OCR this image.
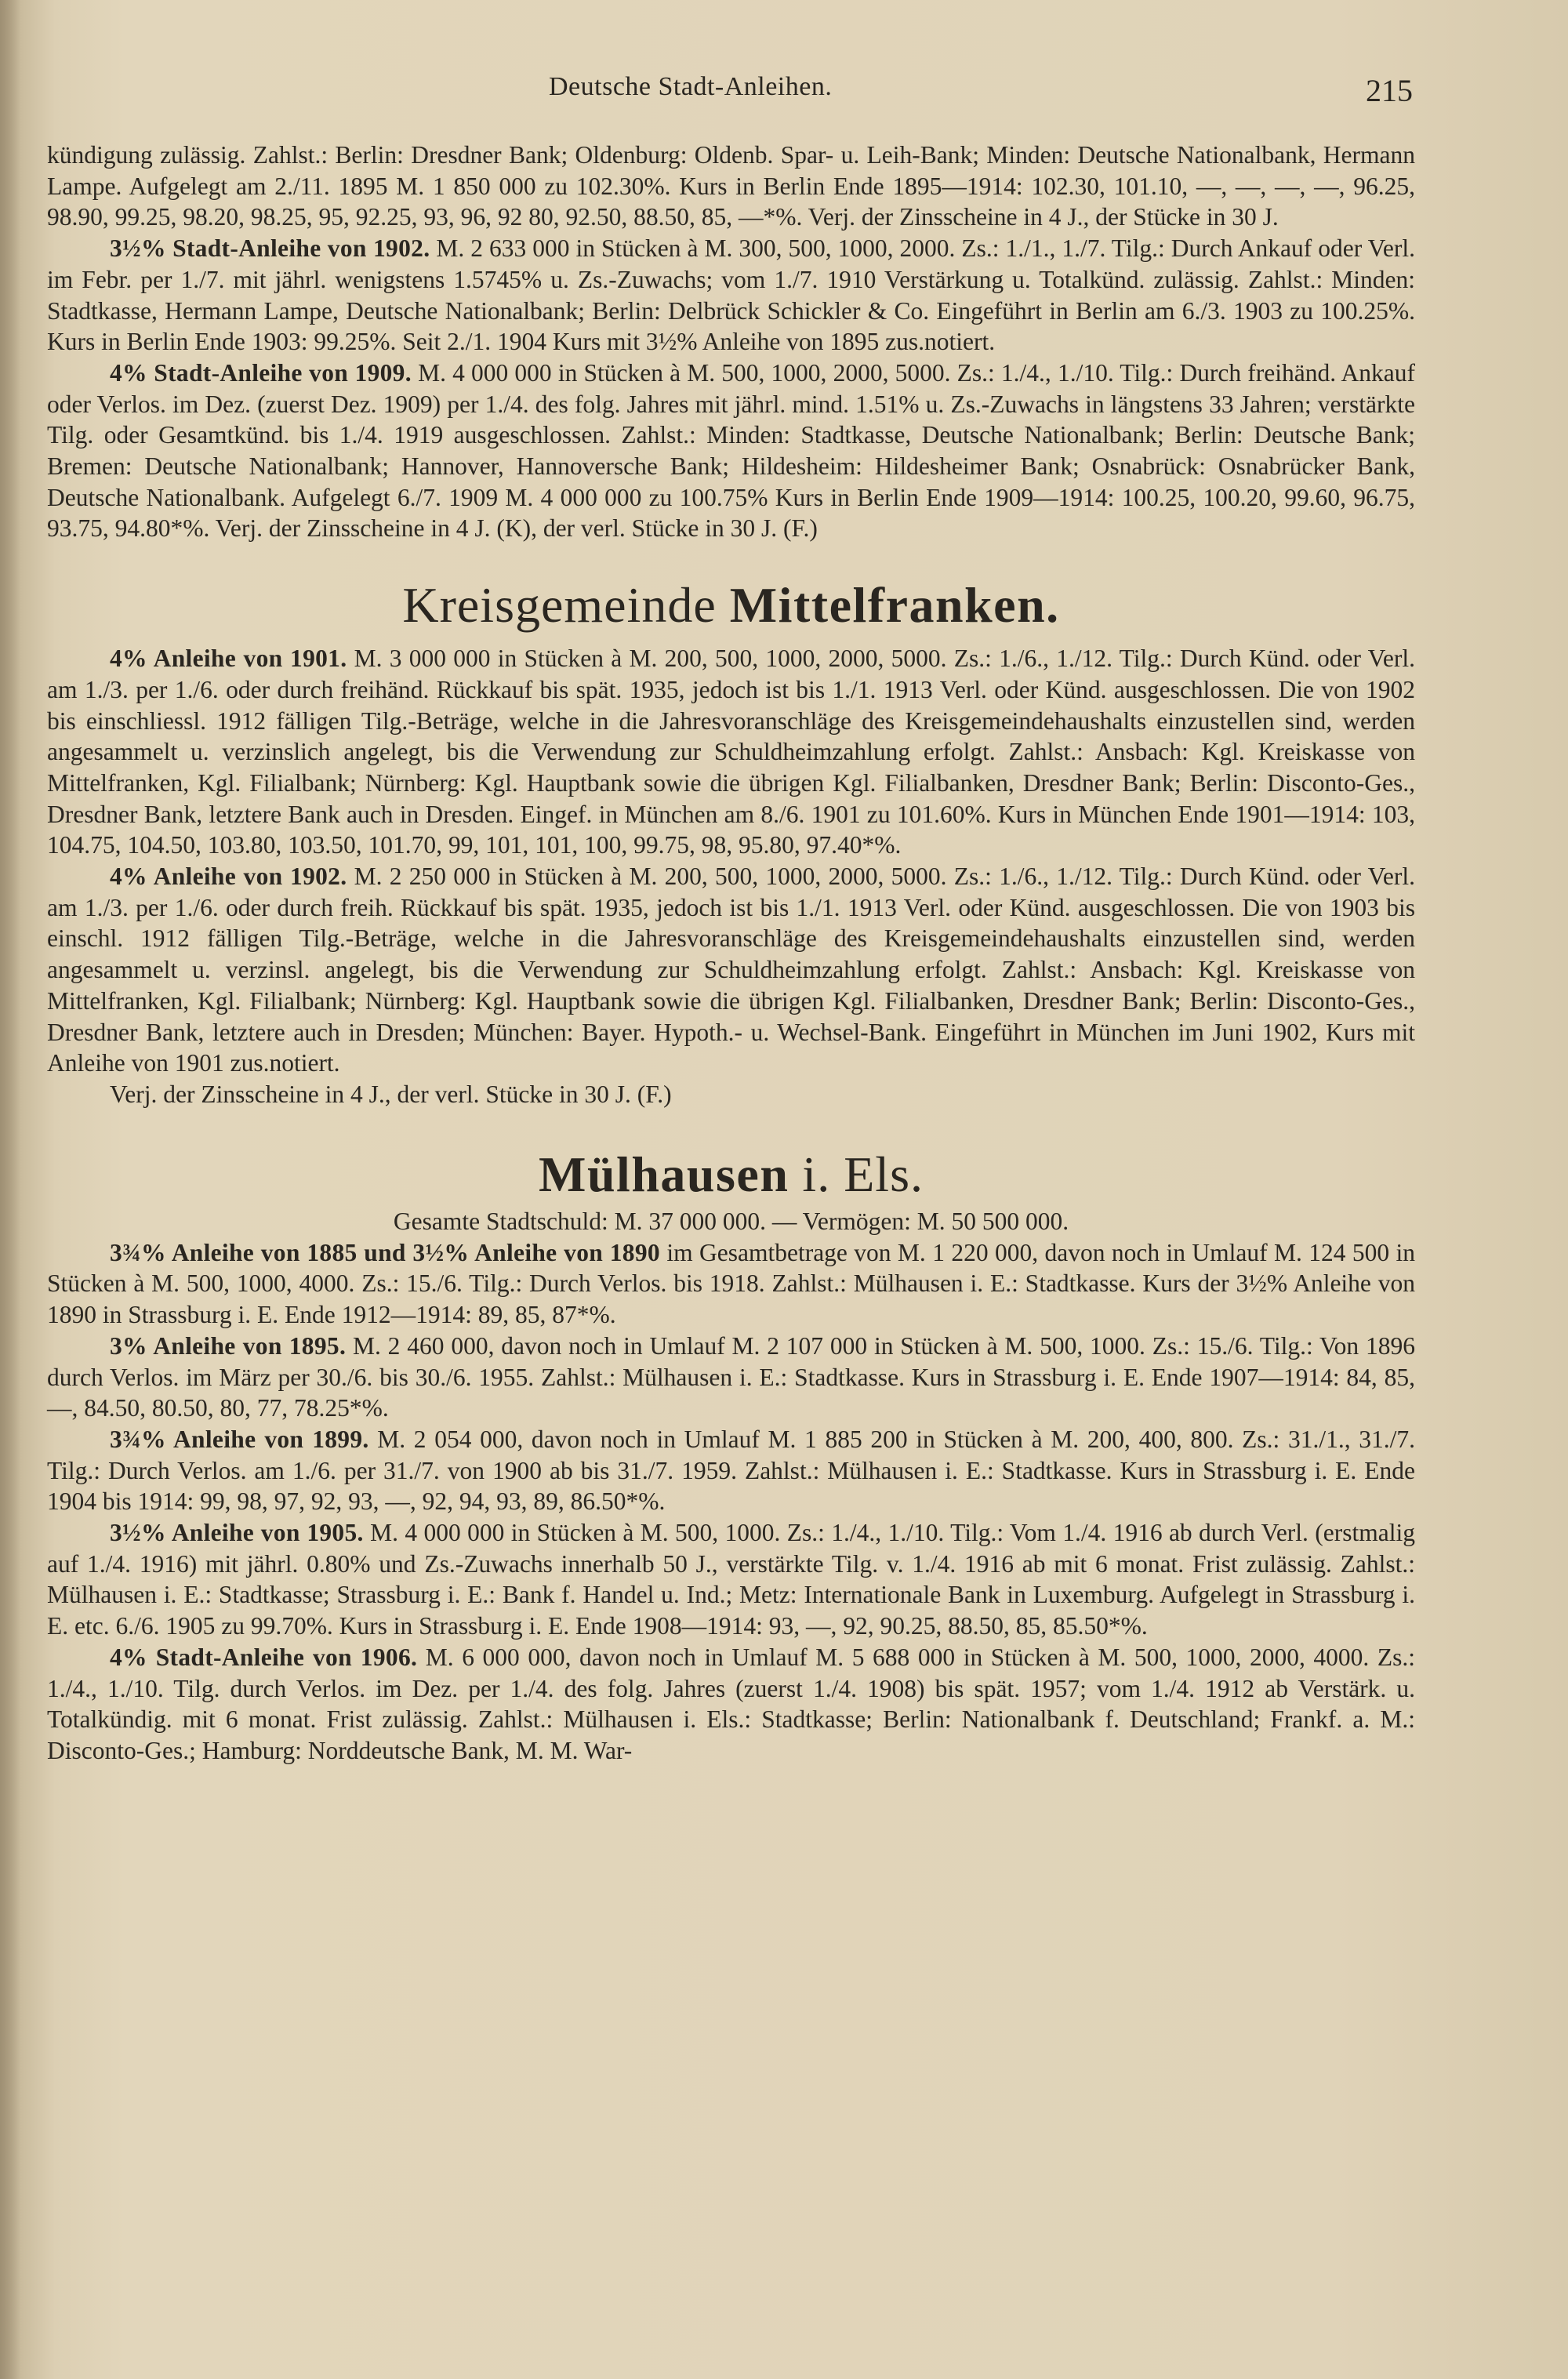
Deutsche Stadt-Anleihen.	215

kündigung zulässig. Zahlst.: Berlin: Dresdner Bank; Oldenburg: Oldenb. Spar- u. Leih-Bank; Minden: Deutsche Nationalbank, Hermann Lampe. Aufgelegt am 2./11. 1895 M. 1 850 000 zu 102.30%. Kurs in Berlin Ende 1895—1914: 102.30, 101.10, —, —, —, —, 96.25, 98.90, 99.25, 98.20, 98.25, 95, 92.25, 93, 96, 92 80, 92.50, 88.50, 85, —*%. Verj. der Zinsscheine in 4 J., der Stücke in 30 J.

3½% Stadt-Anleihe von 1902. M. 2 633 000 in Stücken à M. 300, 500, 1000, 2000. Zs.: 1./1., 1./7. Tilg.: Durch Ankauf oder Verl. im Febr. per 1./7. mit jährl. wenigstens 1.5745% u. Zs.-Zuwachs; vom 1./7. 1910 Verstärkung u. Totalkünd. zulässig. Zahlst.: Minden: Stadtkasse, Hermann Lampe, Deutsche Nationalbank; Berlin: Delbrück Schickler & Co. Eingeführt in Berlin am 6./3. 1903 zu 100.25%. Kurs in Berlin Ende 1903: 99.25%. Seit 2./1. 1904 Kurs mit 3½% Anleihe von 1895 zus.notiert.

4% Stadt-Anleihe von 1909. M. 4 000 000 in Stücken à M. 500, 1000, 2000, 5000. Zs.: 1./4., 1./10. Tilg.: Durch freihänd. Ankauf oder Verlos. im Dez. (zuerst Dez. 1909) per 1./4. des folg. Jahres mit jährl. mind. 1.51% u. Zs.-Zuwachs in längstens 33 Jahren; verstärkte Tilg. oder Gesamtkünd. bis 1./4. 1919 ausgeschlossen. Zahlst.: Minden: Stadtkasse, Deutsche Nationalbank; Berlin: Deutsche Bank; Bremen: Deutsche Nationalbank; Hannover, Hannoversche Bank; Hildesheim: Hildesheimer Bank; Osnabrück: Osnabrücker Bank, Deutsche Nationalbank. Aufgelegt 6./7. 1909 M. 4 000 000 zu 100.75% Kurs in Berlin Ende 1909—1914: 100.25, 100.20, 99.60, 96.75, 93.75, 94.80*%. Verj. der Zinsscheine in 4 J. (K), der verl. Stücke in 30 J. (F.)

Kreisgemeinde Mittelfranken.

4% Anleihe von 1901. M. 3 000 000 in Stücken à M. 200, 500, 1000, 2000, 5000. Zs.: 1./6., 1./12. Tilg.: Durch Künd. oder Verl. am 1./3. per 1./6. oder durch freihänd. Rückkauf bis spät. 1935, jedoch ist bis 1./1. 1913 Verl. oder Künd. ausgeschlossen. Die von 1902 bis einschliessl. 1912 fälligen Tilg.-Beträge, welche in die Jahresvoranschläge des Kreisgemeindehaushalts einzustellen sind, werden angesammelt u. verzinslich angelegt, bis die Verwendung zur Schuldheimzahlung erfolgt. Zahlst.: Ansbach: Kgl. Kreiskasse von Mittelfranken, Kgl. Filialbank; Nürnberg: Kgl. Hauptbank sowie die übrigen Kgl. Filialbanken, Dresdner Bank; Berlin: Disconto-Ges., Dresdner Bank, letztere Bank auch in Dresden. Eingef. in München am 8./6. 1901 zu 101.60%. Kurs in München Ende 1901—1914: 103, 104.75, 104.50, 103.80, 103.50, 101.70, 99, 101, 101, 100, 99.75, 98, 95.80, 97.40*%.

4% Anleihe von 1902. M. 2 250 000 in Stücken à M. 200, 500, 1000, 2000, 5000. Zs.: 1./6., 1./12. Tilg.: Durch Künd. oder Verl. am 1./3. per 1./6. oder durch freih. Rückkauf bis spät. 1935, jedoch ist bis 1./1. 1913 Verl. oder Künd. ausgeschlossen. Die von 1903 bis einschl. 1912 fälligen Tilg.-Beträge, welche in die Jahresvoranschläge des Kreisgemeindehaushalts einzustellen sind, werden angesammelt u. verzinsl. angelegt, bis die Verwendung zur Schuldheimzahlung erfolgt. Zahlst.: Ansbach: Kgl. Kreiskasse von Mittelfranken, Kgl. Filialbank; Nürnberg: Kgl. Hauptbank sowie die übrigen Kgl. Filialbanken, Dresdner Bank; Berlin: Disconto-Ges., Dresdner Bank, letztere auch in Dresden; München: Bayer. Hypoth.- u. Wechsel-Bank. Eingeführt in München im Juni 1902, Kurs mit Anleihe von 1901 zus.notiert.

Verj. der Zinsscheine in 4 J., der verl. Stücke in 30 J. (F.)

Mülhausen i. Els.

Gesamte Stadtschuld: M. 37 000 000. — Vermögen: M. 50 500 000.

3¾% Anleihe von 1885 und 3½% Anleihe von 1890 im Gesamtbetrage von M. 1 220 000, davon noch in Umlauf M. 124 500 in Stücken à M. 500, 1000, 4000. Zs.: 15./6. Tilg.: Durch Verlos. bis 1918. Zahlst.: Mülhausen i. E.: Stadtkasse. Kurs der 3½% Anleihe von 1890 in Strassburg i. E. Ende 1912—1914: 89, 85, 87*%.

3% Anleihe von 1895. M. 2 460 000, davon noch in Umlauf M. 2 107 000 in Stücken à M. 500, 1000. Zs.: 15./6. Tilg.: Von 1896 durch Verlos. im März per 30./6. bis 30./6. 1955. Zahlst.: Mülhausen i. E.: Stadtkasse. Kurs in Strassburg i. E. Ende 1907—1914: 84, 85, —, 84.50, 80.50, 80, 77, 78.25*%.

3¾% Anleihe von 1899. M. 2 054 000, davon noch in Umlauf M. 1 885 200 in Stücken à M. 200, 400, 800. Zs.: 31./1., 31./7. Tilg.: Durch Verlos. am 1./6. per 31./7. von 1900 ab bis 31./7. 1959. Zahlst.: Mülhausen i. E.: Stadtkasse. Kurs in Strassburg i. E. Ende 1904 bis 1914: 99, 98, 97, 92, 93, —, 92, 94, 93, 89, 86.50*%.

3½% Anleihe von 1905. M. 4 000 000 in Stücken à M. 500, 1000. Zs.: 1./4., 1./10. Tilg.: Vom 1./4. 1916 ab durch Verl. (erstmalig auf 1./4. 1916) mit jährl. 0.80% und Zs.-Zuwachs innerhalb 50 J., verstärkte Tilg. v. 1./4. 1916 ab mit 6 monat. Frist zulässig. Zahlst.: Mülhausen i. E.: Stadtkasse; Strassburg i. E.: Bank f. Handel u. Ind.; Metz: Internationale Bank in Luxemburg. Aufgelegt in Strassburg i. E. etc. 6./6. 1905 zu 99.70%. Kurs in Strassburg i. E. Ende 1908—1914: 93, —, 92, 90.25, 88.50, 85, 85.50*%.

4% Stadt-Anleihe von 1906. M. 6 000 000, davon noch in Umlauf M. 5 688 000 in Stücken à M. 500, 1000, 2000, 4000. Zs.: 1./4., 1./10. Tilg. durch Verlos. im Dez. per 1./4. des folg. Jahres (zuerst 1./4. 1908) bis spät. 1957; vom 1./4. 1912 ab Verstärk. u. Totalkündig. mit 6 monat. Frist zulässig. Zahlst.: Mülhausen i. Els.: Stadtkasse; Berlin: Nationalbank f. Deutschland; Frankf. a. M.: Disconto-Ges.; Hamburg: Norddeutsche Bank, M. M. War-
